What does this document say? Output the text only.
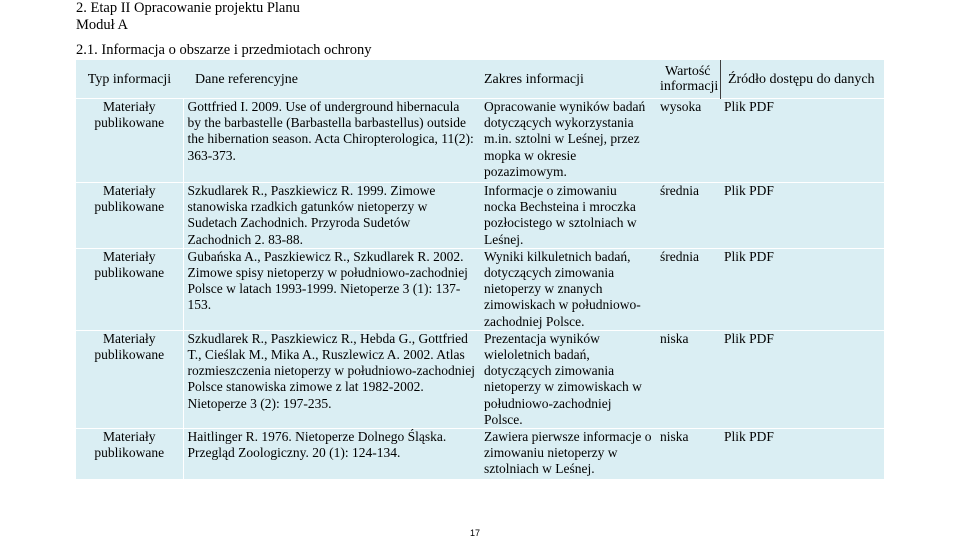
2. Etap II Opracowanie projektu Planu
Moduł A
2.1. Informacja o obszarze i przedmiotach ochrony
Typ informacji	Dane referencyjne	Zakres informacji	Wartość informacji	Źródło dostępu do danych
Materiały publikowane	Gottfried I. 2009. Use of underground hibernacula by the barbastelle (Barbastella barbastellus) outside the hibernation season. Acta Chiropterologica, 11(2): 363-373.	Opracowanie wyników badań dotyczących wykorzystania m.in. sztolni w Leśnej, przez mopka w okresie pozazimowym.	wysoka	Plik PDF
Materiały publikowane	Szkudlarek R., Paszkiewicz R. 1999. Zimowe stanowiska rzadkich gatunków nietoperzy w Sudetach Zachodnich. Przyroda Sudetów Zachodnich 2. 83-88.	Informacje o zimowaniu nocka Bechsteina i mroczka pozłocistego w sztolniach w Leśnej.	średnia	Plik PDF
Materiały publikowane	Gubańska A., Paszkiewicz R., Szkudlarek R. 2002. Zimowe spisy nietoperzy w południowo-zachodniej Polsce w latach 1993-1999. Nietoperze 3 (1): 137-153.	Wyniki kilkuletnich badań, dotyczących zimowania nietoperzy w znanych zimowiskach w południowo-zachodniej Polsce.	średnia	Plik PDF
Materiały publikowane	Szkudlarek R., Paszkiewicz R., Hebda G., Gottfried T., Cieślak M., Mika A., Ruszlewicz A. 2002. Atlas rozmieszczenia nietoperzy w południowo-zachodniej Polsce stanowiska zimowe z lat 1982-2002. Nietoperze 3 (2): 197-235.	Prezentacja wyników wieloletnich badań, dotyczących zimowania nietoperzy w zimowiskach w południowo-zachodniej Polsce.	niska	Plik PDF
Materiały publikowane	Haitlinger R. 1976. Nietoperze Dolnego Śląska. Przegląd Zoologiczny. 20 (1): 124-134.	Zawiera pierwsze informacje o zimowaniu nietoperzy w sztolniach w Leśnej.	niska	Plik PDF
17
